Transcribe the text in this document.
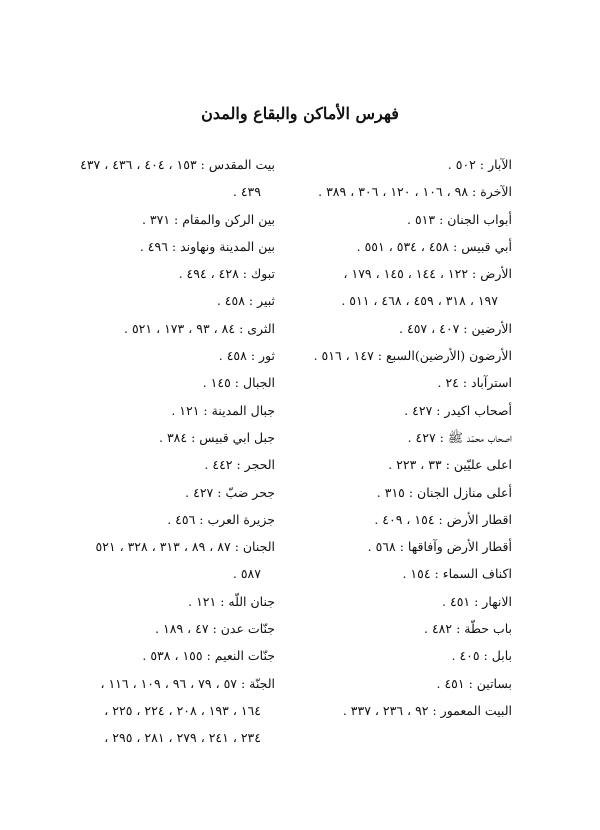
فهرس الأماكن والبقاع والمدن
الآبار : ٥٠٢ .
الآخرة : ٩٨ ، ١٠٦ ، ١٢٠ ، ٣٠٦ ، ٣٨٩ .
أبواب الجنان : ٥١٣ .
أبي قبيس : ٤٥٨ ، ٥٣٤ ، ٥٥١ .
الأرض : ١٢٢ ، ١٤٤ ، ١٤٥ ، ١٧٩ ،
١٩٧ ، ٣١٨ ، ٤٥٩ ، ٤٦٨ ، ٥١١ .
الأرضين : ٤٠٧ ، ٤٥٧ .
الأرضون (الأرضين)السبع : ١٤٧ ، ٥١٦ .
استرآباد : ٢٤ .
أصحاب اكيدر : ٤٢٧ .
اصحاب محمّد ﷺ : ٤٢٧ .
اعلى عليّين : ٣٣ ، ٢٢٣ .
أعلى منازل الجنان : ٣١٥ .
اقطار الأرض : ١٥٤ ، ٤٠٩ .
أقطار الأرض وآفاقها : ٥٦٨ .
اكناف السماء : ١٥٤ .
الانهار : ٤٥١ .
باب حطّة : ٤٨٢ .
بابل : ٤٠٥ .
بساتين : ٤٥١ .
البيت المعمور : ٩٢ ، ٢٣٦ ، ٣٣٧ .
بيت المقدس : ١٥٣ ، ٤٠٤ ، ٤٣٦ ، ٤٣٧
٤٣٩ .
بين الركن والمقام : ٣٧١ .
بين المدينة ونهاوند : ٤٩٦ .
تبوك : ٤٢٨ ، ٤٩٤ .
ثبير : ٤٥٨ .
الثرى : ٨٤ ، ٩٣ ، ١٧٣ ، ٥٢١ .
ثور : ٤٥٨ .
الجبال : ١٤٥ .
جبال المدينة : ١٢١ .
جبل ابي قبيس : ٣٨٤ .
الحجر : ٤٤٢ .
جحر ضبّ : ٤٢٧ .
جزيرة العرب : ٤٥٦ .
الجنان : ٨٧ ، ٨٩ ، ٣١٣ ، ٣٢٨ ، ٥٢١
٥٨٧ .
جنان اللّه : ١٢١ .
جنّات عدن : ٤٧ ، ١٨٩ .
جنّات النعيم : ١٥٥ ، ٥٣٨ .
الجنّة : ٥٧ ، ٧٩ ، ٩٦ ، ١٠٩ ، ١١٦ ،
١٦٤ ، ١٩٣ ، ٢٠٨ ، ٢٢٤ ، ٢٢٥ ،
٢٣٤ ، ٢٤١ ، ٢٧٩ ، ٢٨١ ، ٢٩٥ ،
